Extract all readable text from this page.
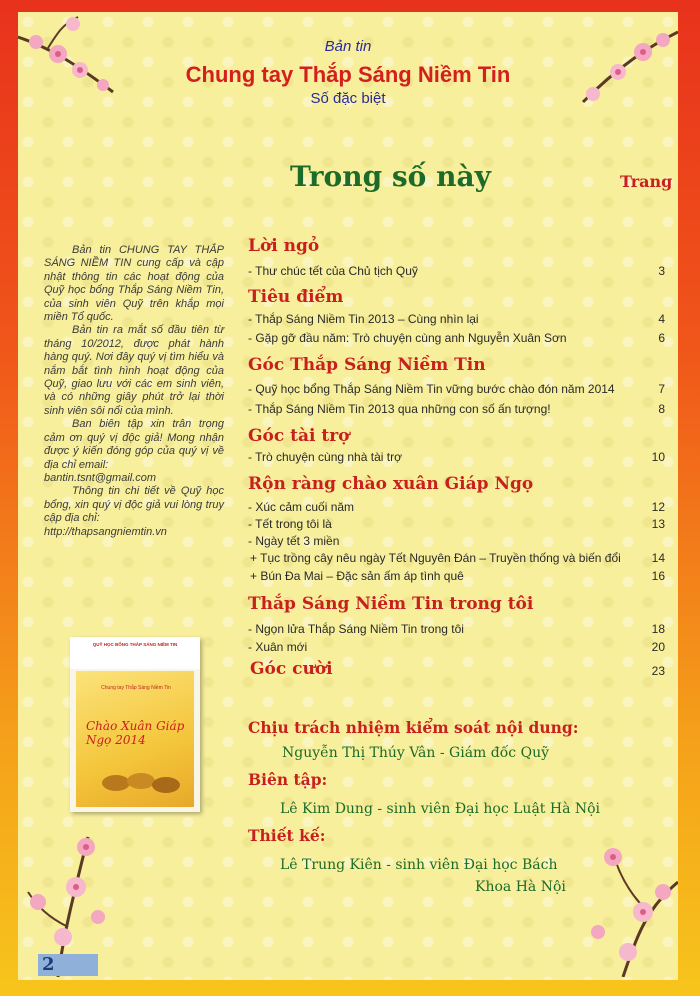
Bản tin
Chung tay Thắp Sáng Niềm Tin
Số đặc biệt
Trong số này	Trang

Bản tin CHUNG TAY THẮP SÁNG NIỀM TIN cung cấp và cập nhật thông tin các hoạt động của Quỹ học bổng Thắp Sáng Niềm Tin, của sinh viên Quỹ trên khắp mọi miền Tổ quốc.

Bản tin ra mắt số đầu tiên từ tháng 10/2012, được phát hành hàng quý. Nơi đây quý vị tìm hiểu và nắm bắt tình hình hoạt động của Quỹ, giao lưu với các em sinh viên, và có những giây phút trở lại thời sinh viên sôi nổi của mình.

Ban biên tập xin trân trọng cảm ơn quý vị độc giả! Mong nhận được ý kiến đóng góp của quý vị về địa chỉ email:

bantin.tsnt@gmail.com

Thông tin chi tiết về Quỹ học bổng, xin quý vị độc giả vui lòng truy cập địa chỉ:

http://thapsangniemtin.vn

QUỸ HỌC BỔNG THẮP SÁNG NIỀM TIN
Chung tay Thắp Sáng Niềm Tin
Chào Xuân Giáp Ngọ 2014
Lời ngỏ
- Thư chúc tết của Chủ tịch Quỹ	3
Tiêu điểm
- Thắp Sáng Niềm Tin 2013 – Cùng nhìn lại	4
- Gặp gỡ đầu năm: Trò chuyện cùng anh Nguyễn Xuân Sơn	6
Góc Thắp Sáng Niềm Tin
- Quỹ học bổng Thắp Sáng Niềm Tin vững bước chào đón năm 2014	7
- Thắp Sáng Niềm Tin 2013 qua những con số ấn tượng!	8
Góc tài trợ
- Trò chuyện cùng nhà tài trợ	10
Rộn ràng chào xuân Giáp Ngọ
- Xúc cảm cuối năm	12
- Tết trong tôi là	13
- Ngày tết 3 miền
+ Tục trồng cây nêu ngày Tết Nguyên Đán – Truyền thống và biến đổi	14
+ Bún Đa Mai – Đặc sản ấm áp tình quê	16
Thắp Sáng Niềm Tin trong tôi
- Ngọn lửa Thắp Sáng Niềm Tin trong tôi	18
- Xuân mới	20
Góc cười	23
Chịu trách nhiệm kiểm soát nội dung:
Nguyễn Thị Thúy Vân - Giám đốc Quỹ
Biên tập:
Lê Kim Dung - sinh viên Đại học Luật Hà Nội
Thiết kế:
Lê Trung Kiên - sinh viên Đại học Bách
Khoa Hà Nội
2
